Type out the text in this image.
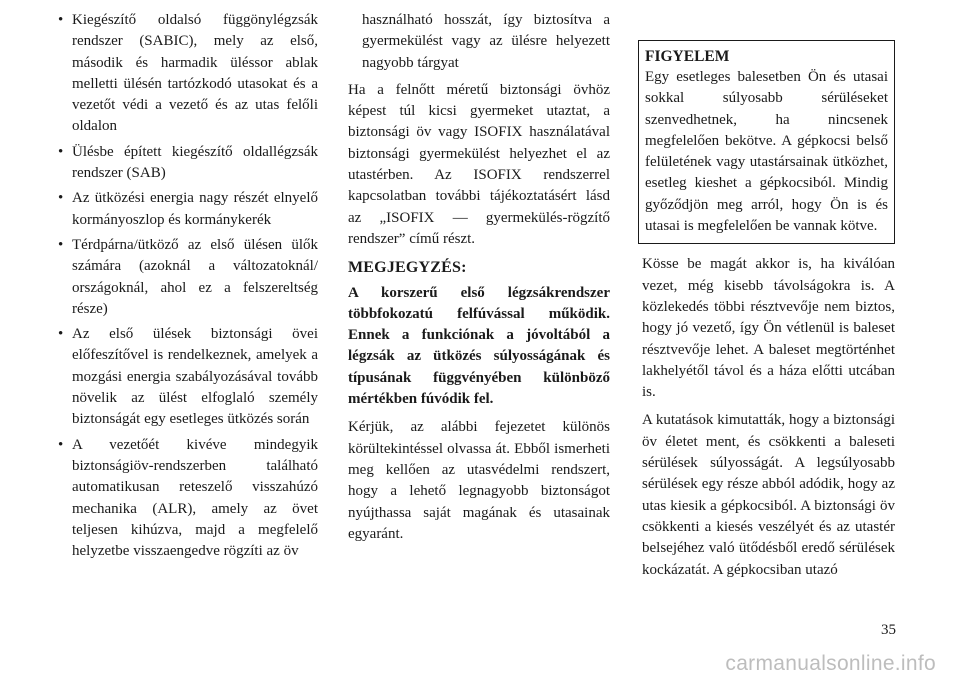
• Kiegészítő oldalsó függönylégzsák rendszer (SABIC), mely az első, második és harmadik üléssor ablak melletti ülésén tartózkodó utasokat és a vezetőt védi a vezető és az utas felőli oldalon
• Ülésbe épített kiegészítő oldallégzsák rendszer (SAB)
• Az ütközési energia nagy részét elnyelő kormányoszlop és kormánykerék
• Térdpárna/ütköző az első ülésen ülők számára (azoknál a változatoknál/ országoknál, ahol ez a felszereltség része)
• Az első ülések biztonsági övei előfeszítővel is rendelkeznek, amelyek a mozgási energia szabályozásával tovább növelik az ülést elfoglaló személy biztonságát egy esetleges ütközés során
• A vezetőét kivéve mindegyik biztonságiöv-rendszerben található automatikusan reteszelő visszahúzó mechanika (ALR), amely az övet teljesen kihúzva, majd a megfelelő helyzetbe visszaengedve rögzíti az öv

használható hosszát, így biztosítva a gyermekülést vagy az ülésre helyezett nagyobb tárgyat

Ha a felnőtt méretű biztonsági övhöz képest túl kicsi gyermeket utaztat, a biztonsági öv vagy ISOFIX használatával biztonsági gyermekülést helyezhet el az utastérben. Az ISOFIX rendszerrel kapcsolatban további tájékoztatásért lásd az „ISOFIX — gyermekülés-rögzítő rendszer” című részt.

MEGJEGYZÉS:

A korszerű első légzsákrendszer többfokozatú felfúvással működik. Ennek a funkciónak a jóvoltából a légzsák az ütközés súlyosságának és típusának függvényében különböző mértékben fúvódik fel.

Kérjük, az alábbi fejezetet különös körültekintéssel olvassa át. Ebből ismerheti meg kellően az utasvédelmi rendszert, hogy a lehető legnagyobb biztonságot nyújthassa saját magának és utasainak egyaránt.

FIGYELEM
Egy esetleges balesetben Ön és utasai sokkal súlyosabb sérüléseket szenvedhetnek, ha nincsenek megfelelően bekötve. A gépkocsi belső felületének vagy utastársainak ütközhet, esetleg kieshet a gépkocsiból. Mindig győződjön meg arról, hogy Ön is és utasai is megfelelően be vannak kötve.

Kösse be magát akkor is, ha kiválóan vezet, még kisebb távolságokra is. A közlekedés többi résztvevője nem biztos, hogy jó vezető, így Ön vétlenül is baleset résztvevője lehet. A baleset megtörténhet lakhelyétől távol és a háza előtti utcában is.

A kutatások kimutatták, hogy a biztonsági öv életet ment, és csökkenti a baleseti sérülések súlyosságát. A legsúlyosabb sérülések egy része abból adódik, hogy az utas kiesik a gépkocsiból. A biztonsági öv csökkenti a kiesés veszélyét és az utastér belsejéhez való ütődésből eredő sérülések kockázatát. A gépkocsiban utazó

35
carmanualsonline.info
